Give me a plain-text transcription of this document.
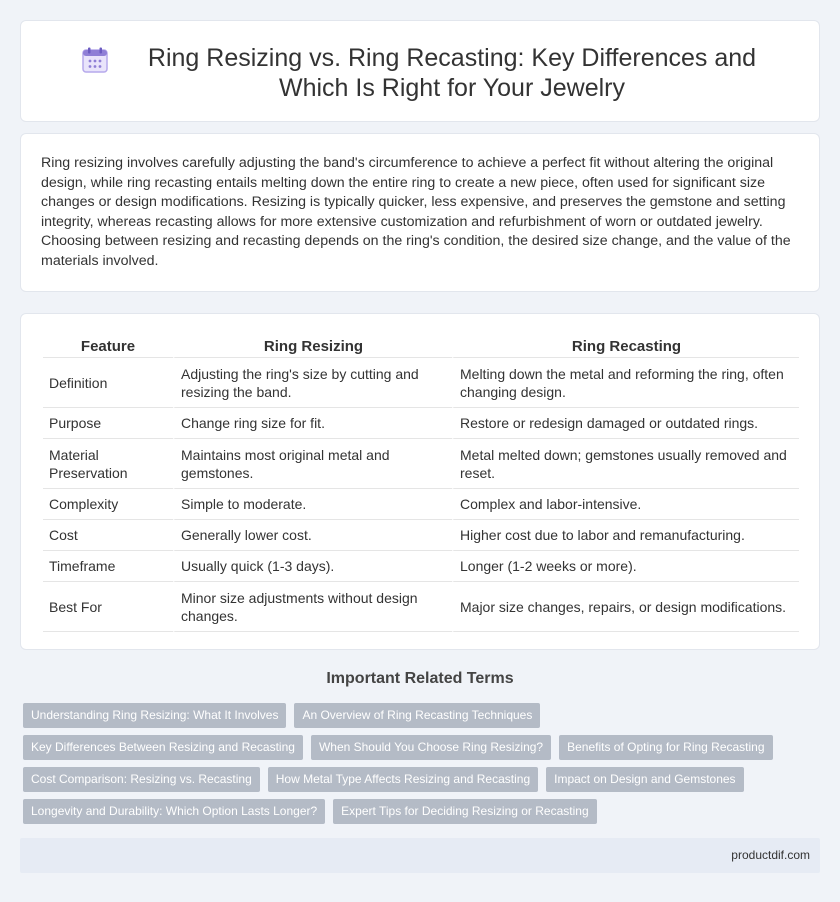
Ring Resizing vs. Ring Recasting: Key Differences and Which Is Right for Your Jewelry

Ring resizing involves carefully adjusting the band's circumference to achieve a perfect fit without altering the original design, while ring recasting entails melting down the entire ring to create a new piece, often used for significant size changes or design modifications. Resizing is typically quicker, less expensive, and preserves the gemstone and setting integrity, whereas recasting allows for more extensive customization and refurbishment of worn or outdated jewelry. Choosing between resizing and recasting depends on the ring's condition, the desired size change, and the value of the materials involved.

Feature	Ring Resizing	Ring Recasting
Definition	Adjusting the ring's size by cutting and resizing the band.	Melting down the metal and reforming the ring, often changing design.
Purpose	Change ring size for fit.	Restore or redesign damaged or outdated rings.
Material Preservation	Maintains most original metal and gemstones.	Metal melted down; gemstones usually removed and reset.
Complexity	Simple to moderate.	Complex and labor-intensive.
Cost	Generally lower cost.	Higher cost due to labor and remanufacturing.
Timeframe	Usually quick (1-3 days).	Longer (1-2 weeks or more).
Best For	Minor size adjustments without design changes.	Major size changes, repairs, or design modifications.
Important Related Terms
Understanding Ring Resizing: What It Involves	An Overview of Ring Recasting Techniques
Key Differences Between Resizing and Recasting	When Should You Choose Ring Resizing?	Benefits of Opting for Ring Recasting
Cost Comparison: Resizing vs. Recasting	How Metal Type Affects Resizing and Recasting	Impact on Design and Gemstones
Longevity and Durability: Which Option Lasts Longer?	Expert Tips for Deciding Resizing or Recasting
productdif.com
